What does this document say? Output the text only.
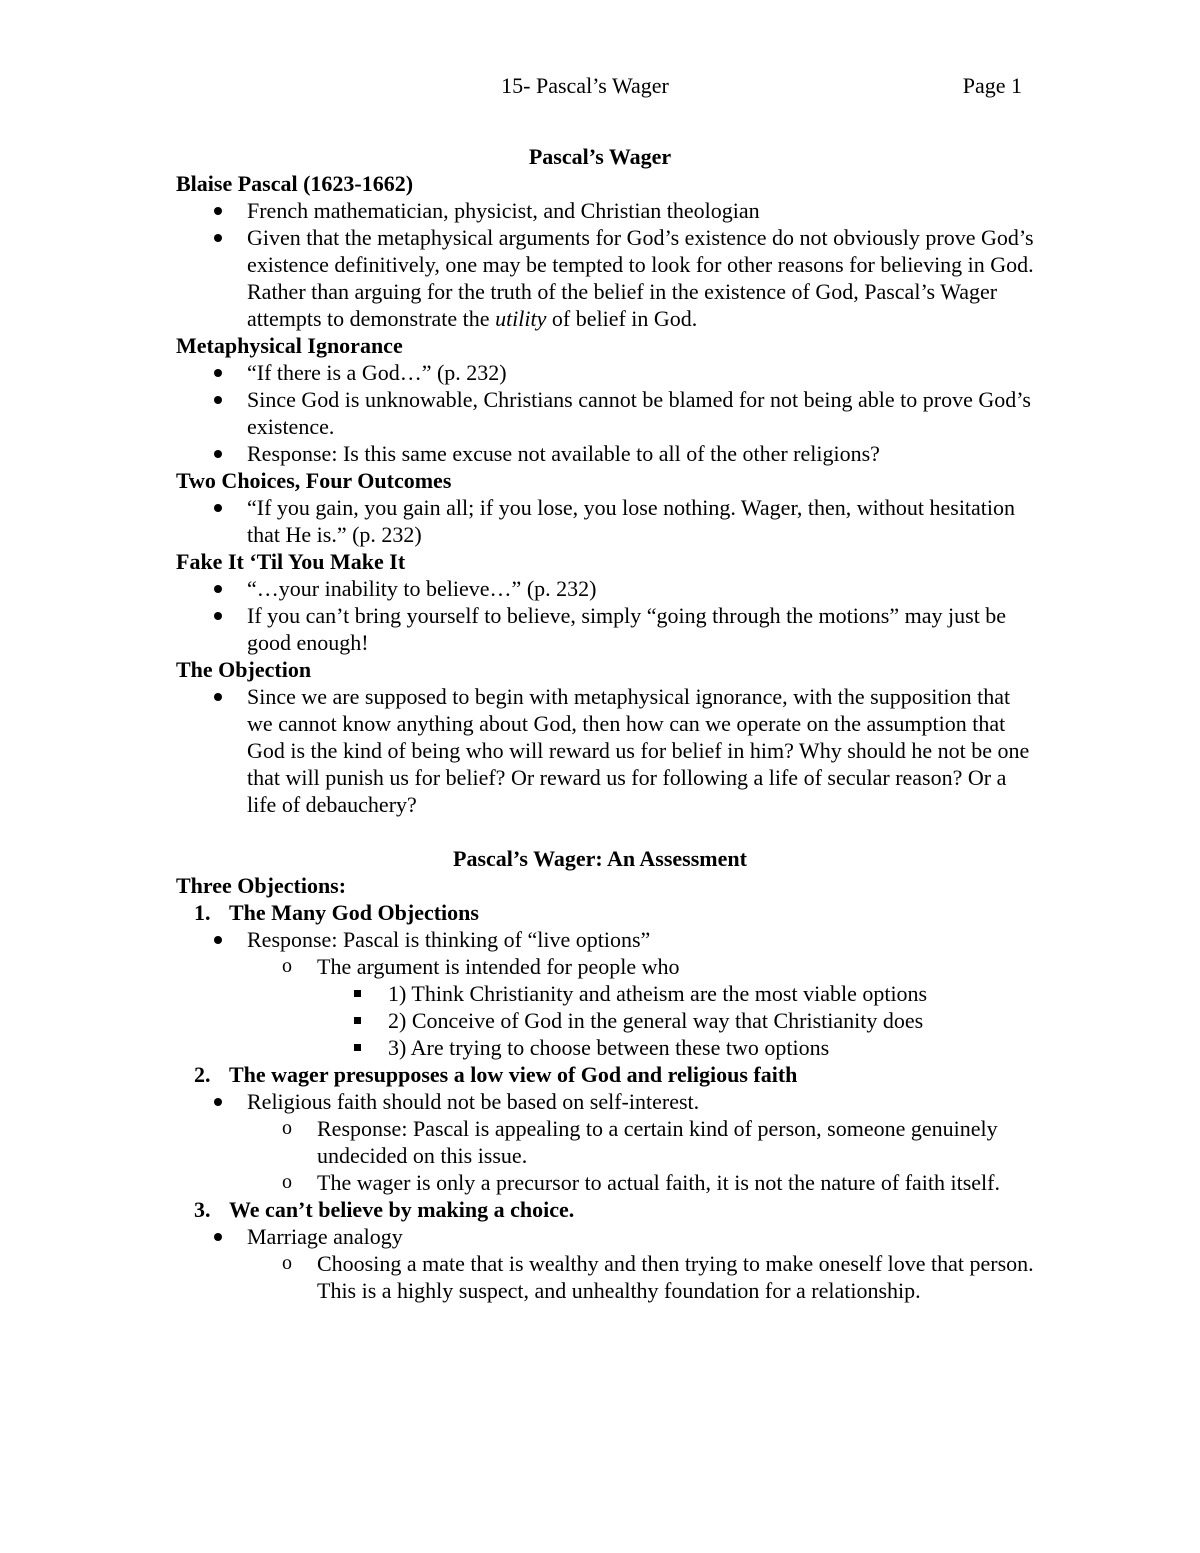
15- Pascal’s Wager	Page 1
Pascal’s Wager
Blaise Pascal (1623-1662)
French mathematician, physicist, and Christian theologian
Given that the metaphysical arguments for God’s existence do not obviously prove God’s existence definitively, one may be tempted to look for other reasons for believing in God. Rather than arguing for the truth of the belief in the existence of God, Pascal’s Wager attempts to demonstrate the utility of belief in God.
Metaphysical Ignorance
“If there is a God…” (p. 232)
Since God is unknowable, Christians cannot be blamed for not being able to prove God’s existence.
Response: Is this same excuse not available to all of the other religions?
Two Choices, Four Outcomes
“If you gain, you gain all; if you lose, you lose nothing. Wager, then, without hesitation that He is.” (p. 232)
Fake It ‘Til You Make It
“…your inability to believe…” (p. 232)
If you can’t bring yourself to believe, simply “going through the motions” may just be good enough!
The Objection
Since we are supposed to begin with metaphysical ignorance, with the supposition that we cannot know anything about God, then how can we operate on the assumption that God is the kind of being who will reward us for belief in him? Why should he not be one that will punish us for belief? Or reward us for following a life of secular reason? Or a life of debauchery?
Pascal’s Wager: An Assessment
Three Objections:
1. The Many God Objections
Response: Pascal is thinking of “live options”
o The argument is intended for people who
1) Think Christianity and atheism are the most viable options
2) Conceive of God in the general way that Christianity does
3) Are trying to choose between these two options
2. The wager presupposes a low view of God and religious faith
Religious faith should not be based on self-interest.
o Response: Pascal is appealing to a certain kind of person, someone genuinely undecided on this issue.
o The wager is only a precursor to actual faith, it is not the nature of faith itself.
3. We can’t believe by making a choice.
Marriage analogy
o Choosing a mate that is wealthy and then trying to make oneself love that person. This is a highly suspect, and unhealthy foundation for a relationship.
